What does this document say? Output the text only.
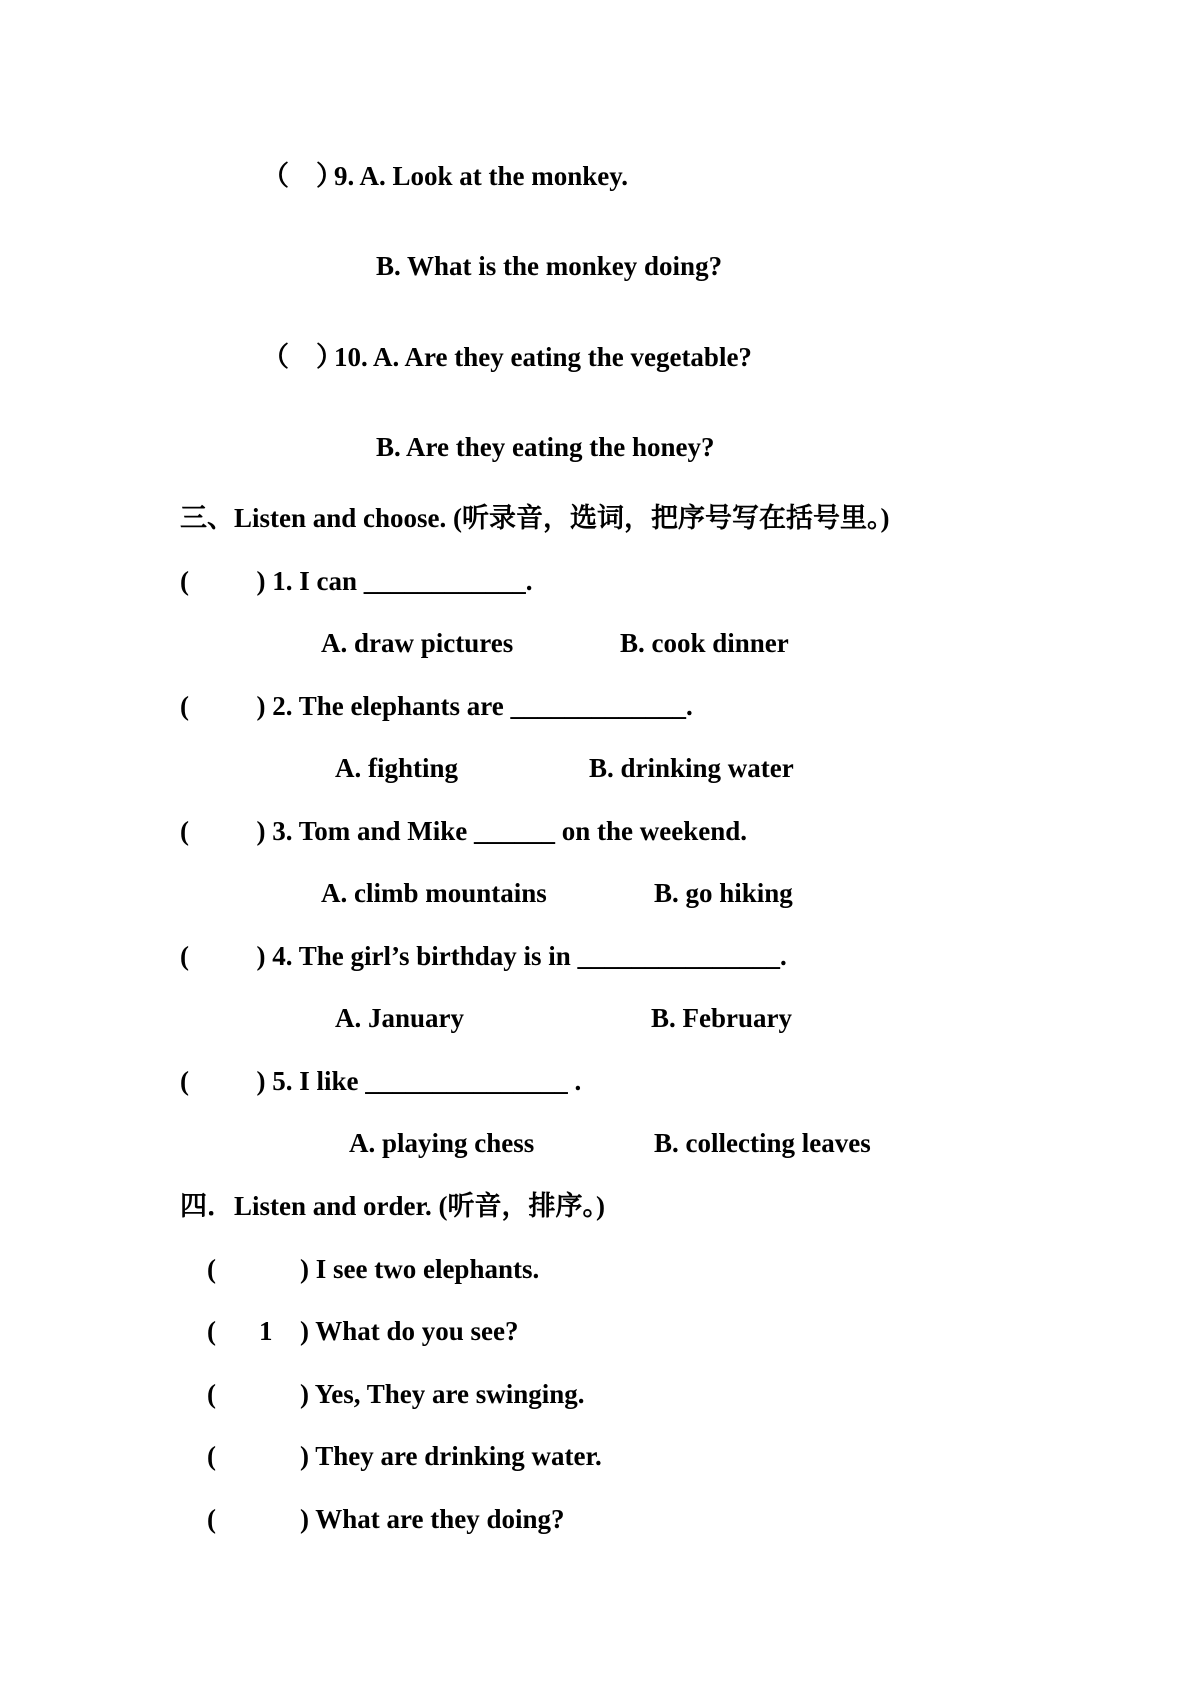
（    ）
9. A. Look at the monkey.
B. What is the monkey doing?
（    ）
10. A. Are they eating the vegetable?
B. Are they eating the honey?
三、Listen and choose. (听录音，选词，把序号写在括号里。)
(          ) 1. I can ____________.
A. draw pictures	B. cook dinner
(          ) 2. The elephants are _____________.
A. fighting	B. drinking water
(          ) 3. Tom and Mike ______ on the weekend.
A. climb mountains	B. go hiking
(          ) 4. The girl’s birthday is in _______________.
A. January	B. February
(          ) 5. I like _______________ .
A. playing chess	B. collecting leaves
四．Listen and order. (听音，排序。)
(	) I see two elephants.
( 1 ) What do you see?
(	) Yes, They are swinging.
(	) They are drinking water.
(	) What are they doing?
